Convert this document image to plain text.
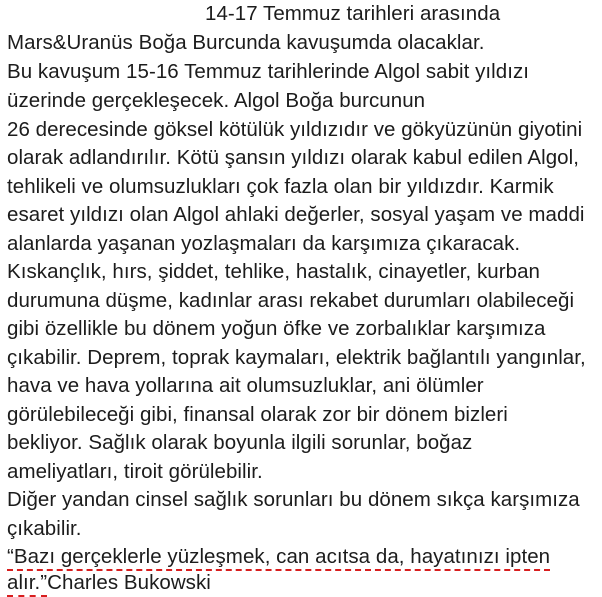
14-17 Temmuz tarihleri arasında
Mars&Uranüs Boğa Burcunda kavuşumda olacaklar.
Bu kavuşum 15-16 Temmuz tarihlerinde Algol sabit yıldızı
üzerinde gerçekleşecek. Algol Boğa burcunun
26 derecesinde göksel kötülük yıldızıdır ve gökyüzünün giyotini
olarak adlandırılır. Kötü şansın yıldızı olarak kabul edilen Algol,
tehlikeli ve olumsuzlukları çok fazla olan bir yıldızdır. Karmik
esaret yıldızı olan Algol ahlaki değerler, sosyal yaşam ve maddi
alanlarda yaşanan yozlaşmaları da karşımıza çıkaracak.
Kıskançlık, hırs, şiddet, tehlike, hastalık, cinayetler, kurban
durumuna düşme, kadınlar arası rekabet durumları olabileceği
gibi özellikle bu dönem yoğun öfke ve zorbalıklar karşımıza
çıkabilir. Deprem, toprak kaymaları, elektrik bağlantılı yangınlar,
hava ve hava yollarına ait olumsuzluklar, ani ölümler
görülebileceği gibi, finansal olarak zor bir dönem bizleri
bekliyor. Sağlık olarak boyunla ilgili sorunlar, boğaz
ameliyatları, tiroit görülebilir.
Diğer yandan cinsel sağlık sorunları bu dönem sıkça karşımıza
çıkabilir.
“Bazı gerçeklerle yüzleşmek, can acıtsa da, hayatınızı ipten
alır.”Charles Bukowski
